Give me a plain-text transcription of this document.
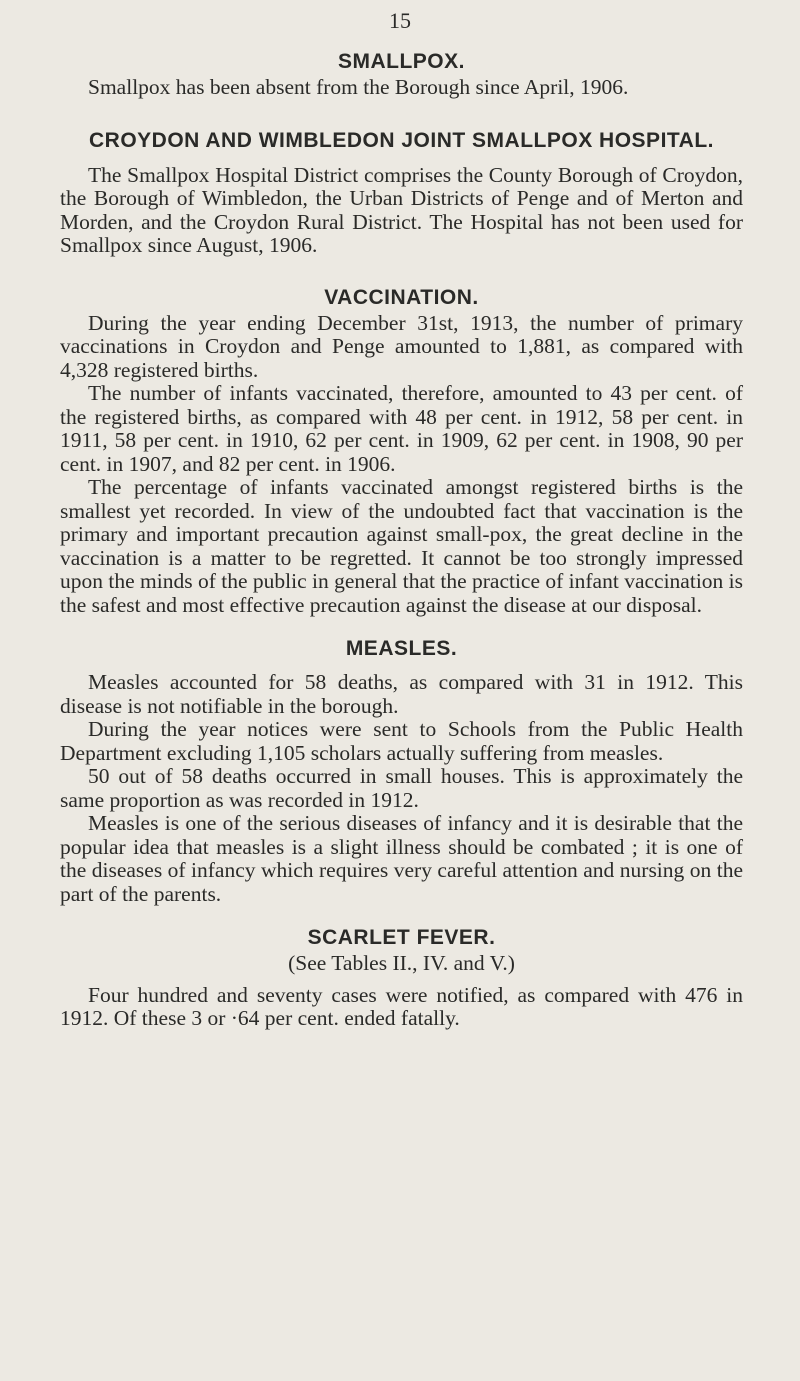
15
SMALLPOX.

Smallpox has been absent from the Borough since April, 1906.

CROYDON AND WIMBLEDON JOINT SMALLPOX HOSPITAL.

The Smallpox Hospital District comprises the County Borough of Croydon, the Borough of Wimbledon, the Urban Districts of Penge and of Merton and Morden, and the Croydon Rural District. The Hospital has not been used for Smallpox since August, 1906.

VACCINATION.

During the year ending December 31st, 1913, the number of primary vaccinations in Croydon and Penge amounted to 1,881, as compared with 4,328 registered births.

The number of infants vaccinated, therefore, amounted to 43 per cent. of the registered births, as compared with 48 per cent. in 1912, 58 per cent. in 1911, 58 per cent. in 1910, 62 per cent. in 1909, 62 per cent. in 1908, 90 per cent. in 1907, and 82 per cent. in 1906.

The percentage of infants vaccinated amongst registered births is the smallest yet recorded. In view of the undoubted fact that vaccination is the primary and important precaution against small-pox, the great decline in the vaccination is a matter to be regretted. It cannot be too strongly impressed upon the minds of the public in general that the practice of infant vaccination is the safest and most effective precaution against the disease at our disposal.

MEASLES.

Measles accounted for 58 deaths, as compared with 31 in 1912. This disease is not notifiable in the borough.

During the year notices were sent to Schools from the Public Health Department excluding 1,105 scholars actually suffering from measles.

50 out of 58 deaths occurred in small houses. This is approximately the same proportion as was recorded in 1912.

Measles is one of the serious diseases of infancy and it is desirable that the popular idea that measles is a slight illness should be combated ; it is one of the diseases of infancy which requires very careful attention and nursing on the part of the parents.

SCARLET FEVER.

(See Tables II., IV. and V.)

Four hundred and seventy cases were notified, as compared with 476 in 1912. Of these 3 or ·64 per cent. ended fatally.
